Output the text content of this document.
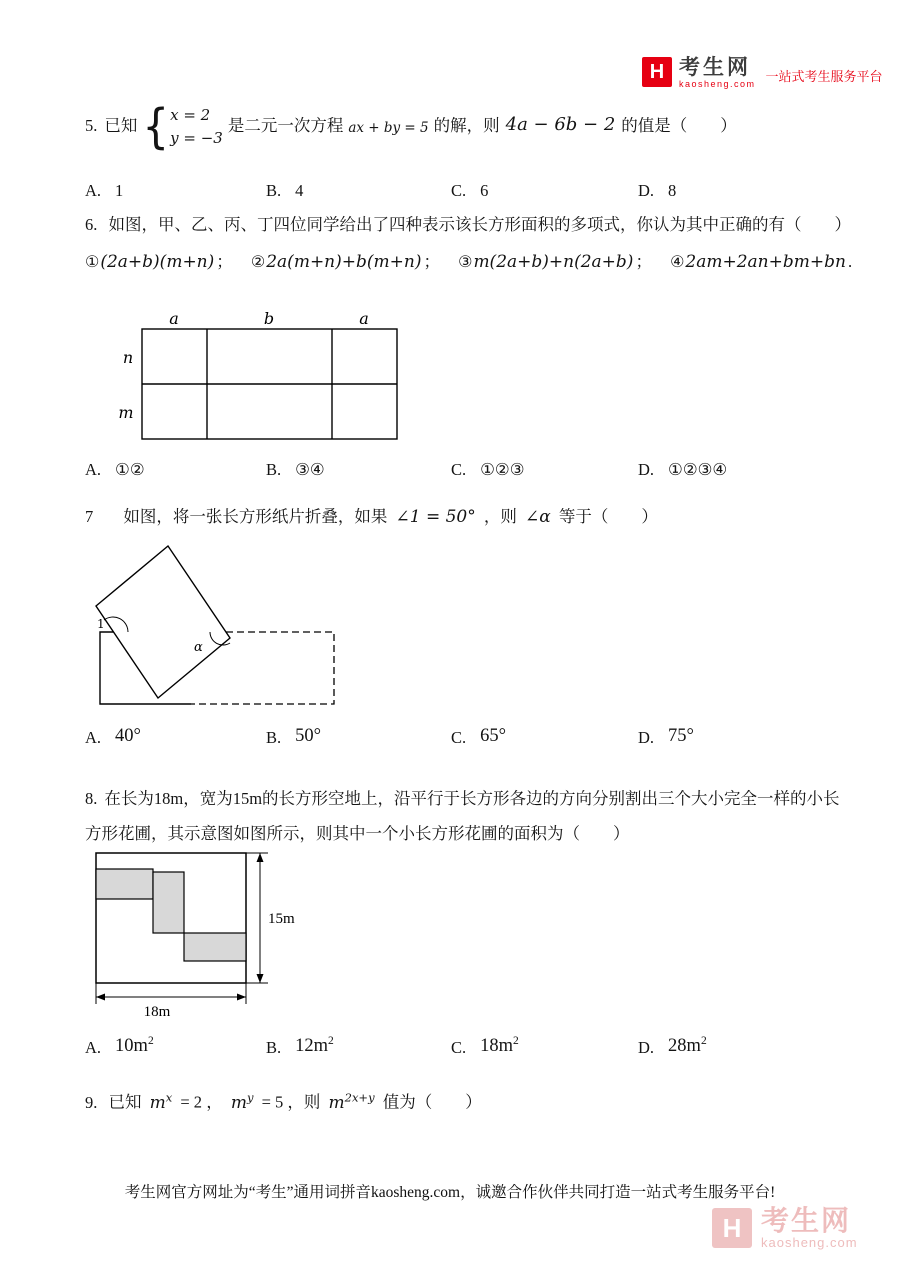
H 考生网
kaosheng.com
一站式考生服务平台
5. 已知 { x = 2
y = −3
是二元一次方程 ax + by = 5 的解，则 4a − 6b − 2 的值是（　　）
A. 1	B. 4	C. 6	D. 8
6. 如图，甲、乙、丙、丁四位同学给出了四种表示该长方形面积的多项式，你认为其中正确的有（　　）
①(2a+b)(m+n) ； ②2a(m+n)+b(m+n) ； ③m(2a+b)+n(2a+b) ； ④2am+2an+bm+bn .
a	b	a
n
m
A. ①②	B. ③④	C. ①②③	D. ①②③④
7 如图，将一张长方形纸片折叠，如果 ∠1 = 50° ，则 ∠α 等于（　　）
1
α
A. 40°	B. 50°	C. 65°	D. 75°
8. 在长为18m，宽为15m的长方形空地上，沿平行于长方形各边的方向分别割出三个大小完全一样的小长
方形花圃，其示意图如图所示，则其中一个小长方形花圃的面积为（　　）
15m
18m
A. $10m^2$	B. $12m^2$	C. $18m^2$	D. $28m^2$
9. 已知 $m^x = 2$ ， $m^y = 5$ ，则 $m^{2x+y}$ 值为（　　）
考生网官方网址为“考生”通用词拼音kaosheng.com，诚邀合作伙伴共同打造一站式考生服务平台!
H 考生网
kaosheng.com
